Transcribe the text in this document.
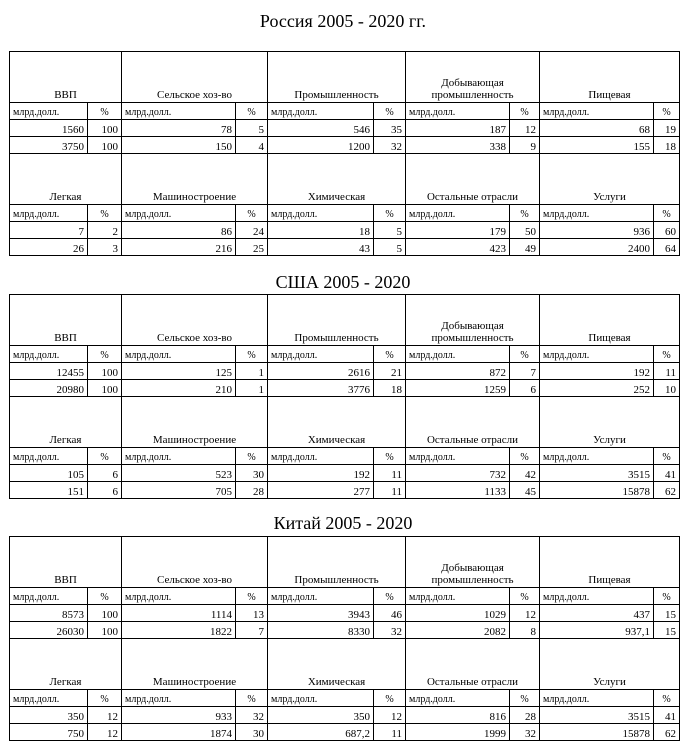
Россия 2005 - 2020 гг.
ВВП		Сельское хоз-во		Промышленность		Добывающая промышленность		Пищевая	
млрд.долл.	%	млрд.долл.	%	млрд.долл.	%	млрд.долл.	%	млрд.долл.	%
1560	100	78	5	546	35	187	12	68	19
3750	100	150	4	1200	32	338	9	155	18
Легкая		Машиностроение		Химическая		Остальные отрасли		Услуги	
млрд.долл.	%	млрд.долл.	%	млрд.долл.	%	млрд.долл.	%	млрд.долл.	%
7	2	86	24	18	5	179	50	936	60
26	3	216	25	43	5	423	49	2400	64
США 2005 - 2020
ВВП		Сельское хоз-во		Промышленность		Добывающая промышленность		Пищевая	
млрд.долл.	%	млрд.долл.	%	млрд.долл.	%	млрд.долл.	%	млрд.долл.	%
12455	100	125	1	2616	21	872	7	192	11
20980	100	210	1	3776	18	1259	6	252	10
Легкая		Машиностроение		Химическая		Остальные отрасли		Услуги	
млрд.долл.	%	млрд.долл.	%	млрд.долл.	%	млрд.долл.	%	млрд.долл.	%
105	6	523	30	192	11	732	42	3515	41
151	6	705	28	277	11	1133	45	15878	62
Китай 2005 - 2020
ВВП		Сельское хоз-во		Промышленность		Добывающая промышленность		Пищевая	
млрд.долл.	%	млрд.долл.	%	млрд.долл.	%	млрд.долл.	%	млрд.долл.	%
8573	100	1114	13	3943	46	1029	12	437	15
26030	100	1822	7	8330	32	2082	8	937,1	15
Легкая		Машиностроение		Химическая		Остальные отрасли		Услуги	
млрд.долл.	%	млрд.долл.	%	млрд.долл.	%	млрд.долл.	%	млрд.долл.	%
350	12	933	32	350	12	816	28	3515	41
750	12	1874	30	687,2	11	1999	32	15878	62
